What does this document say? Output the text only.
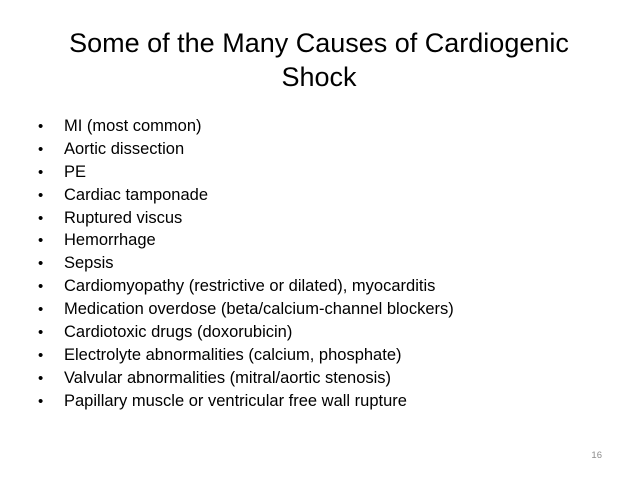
Some of the Many Causes of Cardiogenic
Shock
•	MI (most common)
•	Aortic dissection
•	PE
•	Cardiac tamponade
•	Ruptured viscus
•	Hemorrhage
•	Sepsis
•	Cardiomyopathy (restrictive or dilated), myocarditis
•	Medication overdose (beta/calcium-channel blockers)
•	Cardiotoxic drugs (doxorubicin)
•	Electrolyte abnormalities (calcium, phosphate)
•	Valvular abnormalities (mitral/aortic stenosis)
•	Papillary muscle or ventricular free wall rupture
16
